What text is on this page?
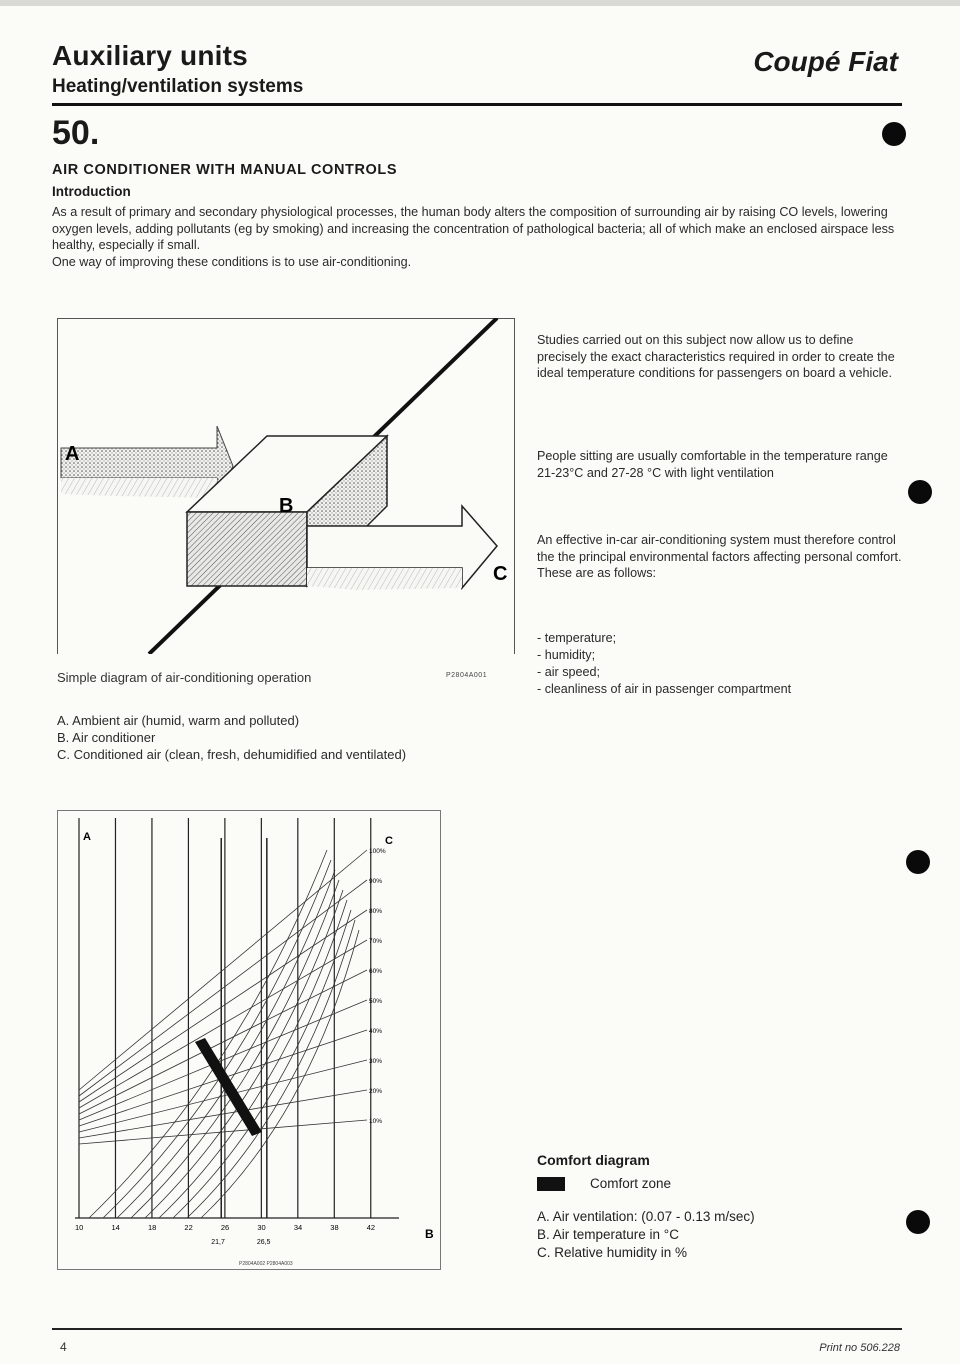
Auxiliary units
Heating/ventilation systems
Coupé Fiat
50.
AIR CONDITIONER WITH MANUAL CONTROLS
Introduction
As a result of primary and secondary physiological processes, the human body alters the composition of surrounding air by raising CO levels, lowering oxygen levels, adding pollutants (eg by smoking) and increasing the concentration of pathological bacteria; all of which make an enclosed airspace less healthy, especially if small.
One way of improving these conditions is to use air-conditioning.
A
B
C
Simple diagram of air-conditioning operation	P2804A001
A. Ambient air (humid, warm and polluted)
B. Air conditioner
C. Conditioned air (clean, fresh, dehumidified and ventilated)
Studies carried out on this subject now allow us to define precisely the exact characteristics required in order to create the ideal temperature conditions for passengers on board a vehicle.
People sitting are usually comfortable in the temperature range 21-23°C and 27-28 °C with light ventilation
An effective in-car air-conditioning system must therefore control the the principal environmental factors affecting personal comfort. These are as follows:
- temperature;
- humidity;
- air speed;
- cleanliness of air in passenger compartment
10	14	18	22	26	30	34	38	42
21,7	26,5
100%
90%
80%
70%
60%
50%
40%
30%
20%
10%
A	C
B
P2804A002 P2804A003
Comfort diagram
Comfort zone
A. Air ventilation: (0.07 - 0.13 m/sec)
B. Air temperature in °C
C. Relative humidity in %
4	Print no 506.228
